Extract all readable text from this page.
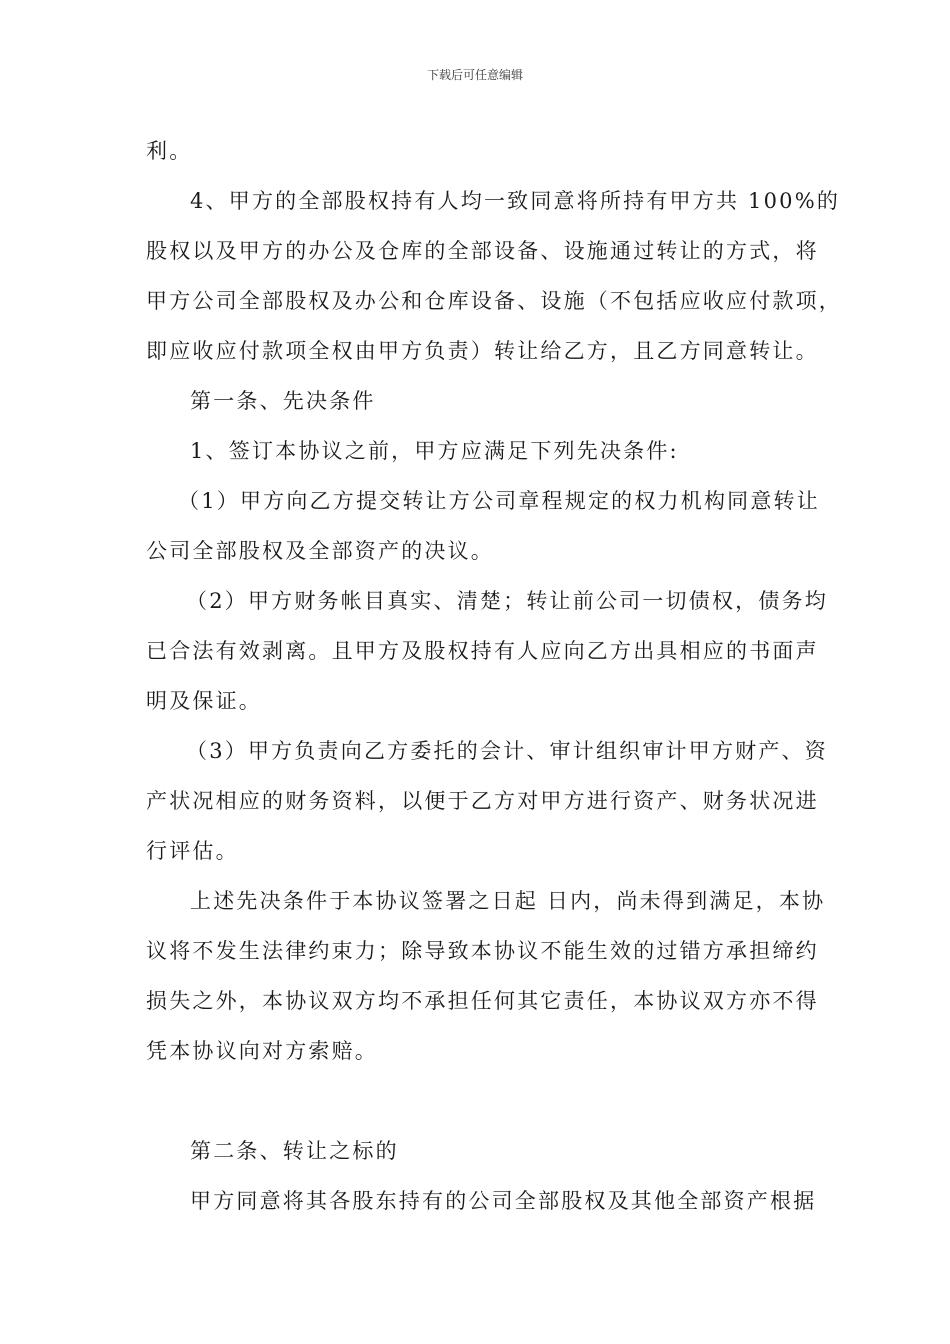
下载后可任意编辑
利。
4、甲方的全部股权持有人均一致同意将所持有甲方共 100%的
股权以及甲方的办公及仓库的全部设备、设施通过转让的方式，将
甲方公司全部股权及办公和仓库设备、设施（不包括应收应付款项，
即应收应付款项全权由甲方负责）转让给乙方，且乙方同意转让。
第一条、先决条件
1、签订本协议之前，甲方应满足下列先决条件:
（1）甲方向乙方提交转让方公司章程规定的权力机构同意转让
公司全部股权及全部资产的决议。
（2）甲方财务帐目真实、清楚；转让前公司一切债权，债务均
已合法有效剥离。且甲方及股权持有人应向乙方出具相应的书面声
明及保证。
（3）甲方负责向乙方委托的会计、审计组织审计甲方财产、资
产状况相应的财务资料，以便于乙方对甲方进行资产、财务状况进
行评估。
上述先决条件于本协议签署之日起 日内，尚未得到满足，本协
议将不发生法律约束力；除导致本协议不能生效的过错方承担缔约
损失之外，本协议双方均不承担任何其它责任，本协议双方亦不得
凭本协议向对方索赔。
第二条、转让之标的
甲方同意将其各股东持有的公司全部股权及其他全部资产根据
